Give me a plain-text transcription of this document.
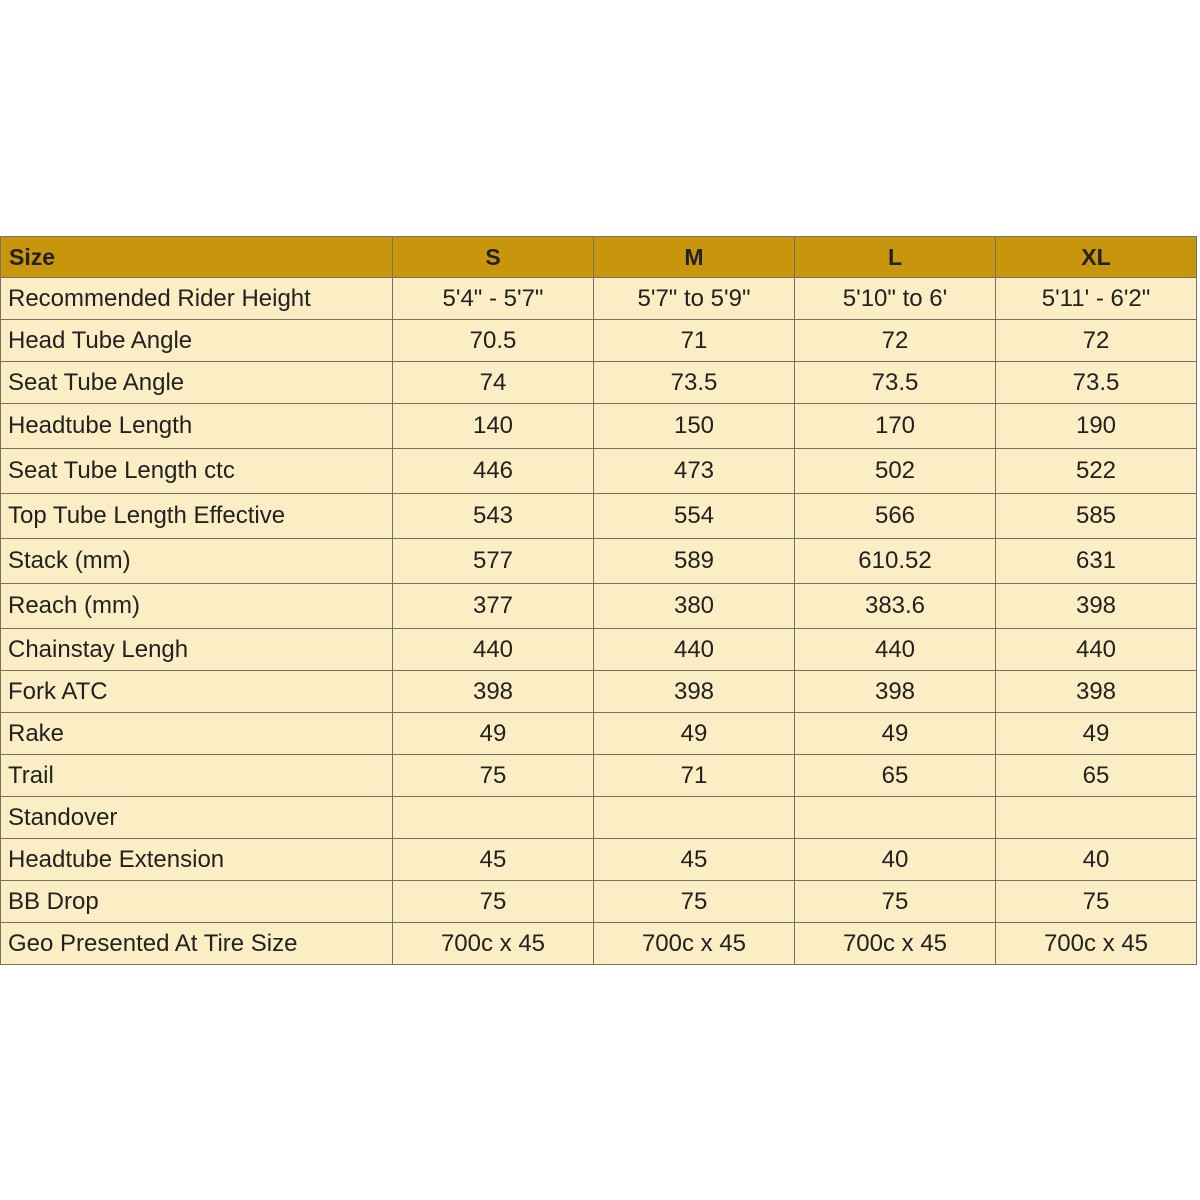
Size	S	M	L	XL
Recommended Rider Height	5'4" - 5'7"	5'7" to 5'9"	5'10" to 6'	5'11' - 6'2"
Head Tube Angle	70.5	71	72	72
Seat Tube Angle	74	73.5	73.5	73.5
Headtube Length	140	150	170	190
Seat Tube Length ctc	446	473	502	522
Top Tube Length Effective	543	554	566	585
Stack (mm)	577	589	610.52	631
Reach (mm)	377	380	383.6	398
Chainstay Lengh	440	440	440	440
Fork ATC	398	398	398	398
Rake	49	49	49	49
Trail	75	71	65	65
Standover				
Headtube Extension	45	45	40	40
BB Drop	75	75	75	75
Geo Presented At Tire Size	700c x 45	700c x 45	700c x 45	700c x 45
